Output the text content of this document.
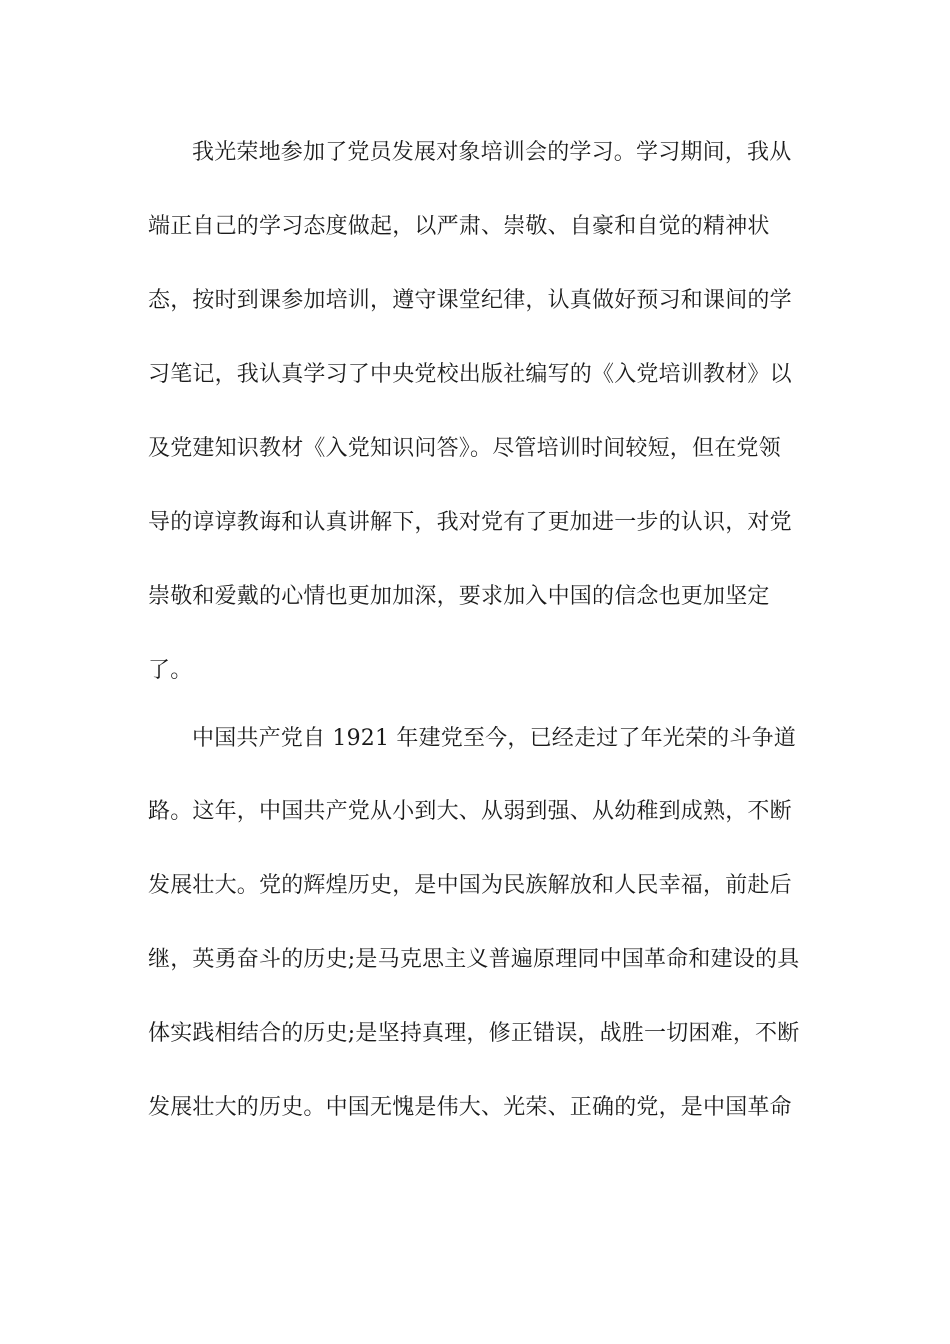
我光荣地参加了党员发展对象培训会的学习。学习期间，我从
端正自己的学习态度做起，以严肃、崇敬、自豪和自觉的精神状
态，按时到课参加培训，遵守课堂纪律，认真做好预习和课间的学
习笔记，我认真学习了中央党校出版社编写的《入党培训教材》以
及党建知识教材《入党知识问答》。尽管培训时间较短，但在党领
导的谆谆教诲和认真讲解下，我对党有了更加进一步的认识，对党
崇敬和爱戴的心情也更加加深，要求加入中国的信念也更加坚定
了。
中国共产党自 1921 年建党至今，已经走过了年光荣的斗争道
路。这年，中国共产党从小到大、从弱到强、从幼稚到成熟，不断
发展壮大。党的辉煌历史，是中国为民族解放和人民幸福，前赴后
继，英勇奋斗的历史;是马克思主义普遍原理同中国革命和建设的具
体实践相结合的历史;是坚持真理，修正错误，战胜一切困难，不断
发展壮大的历史。中国无愧是伟大、光荣、正确的党，是中国革命
